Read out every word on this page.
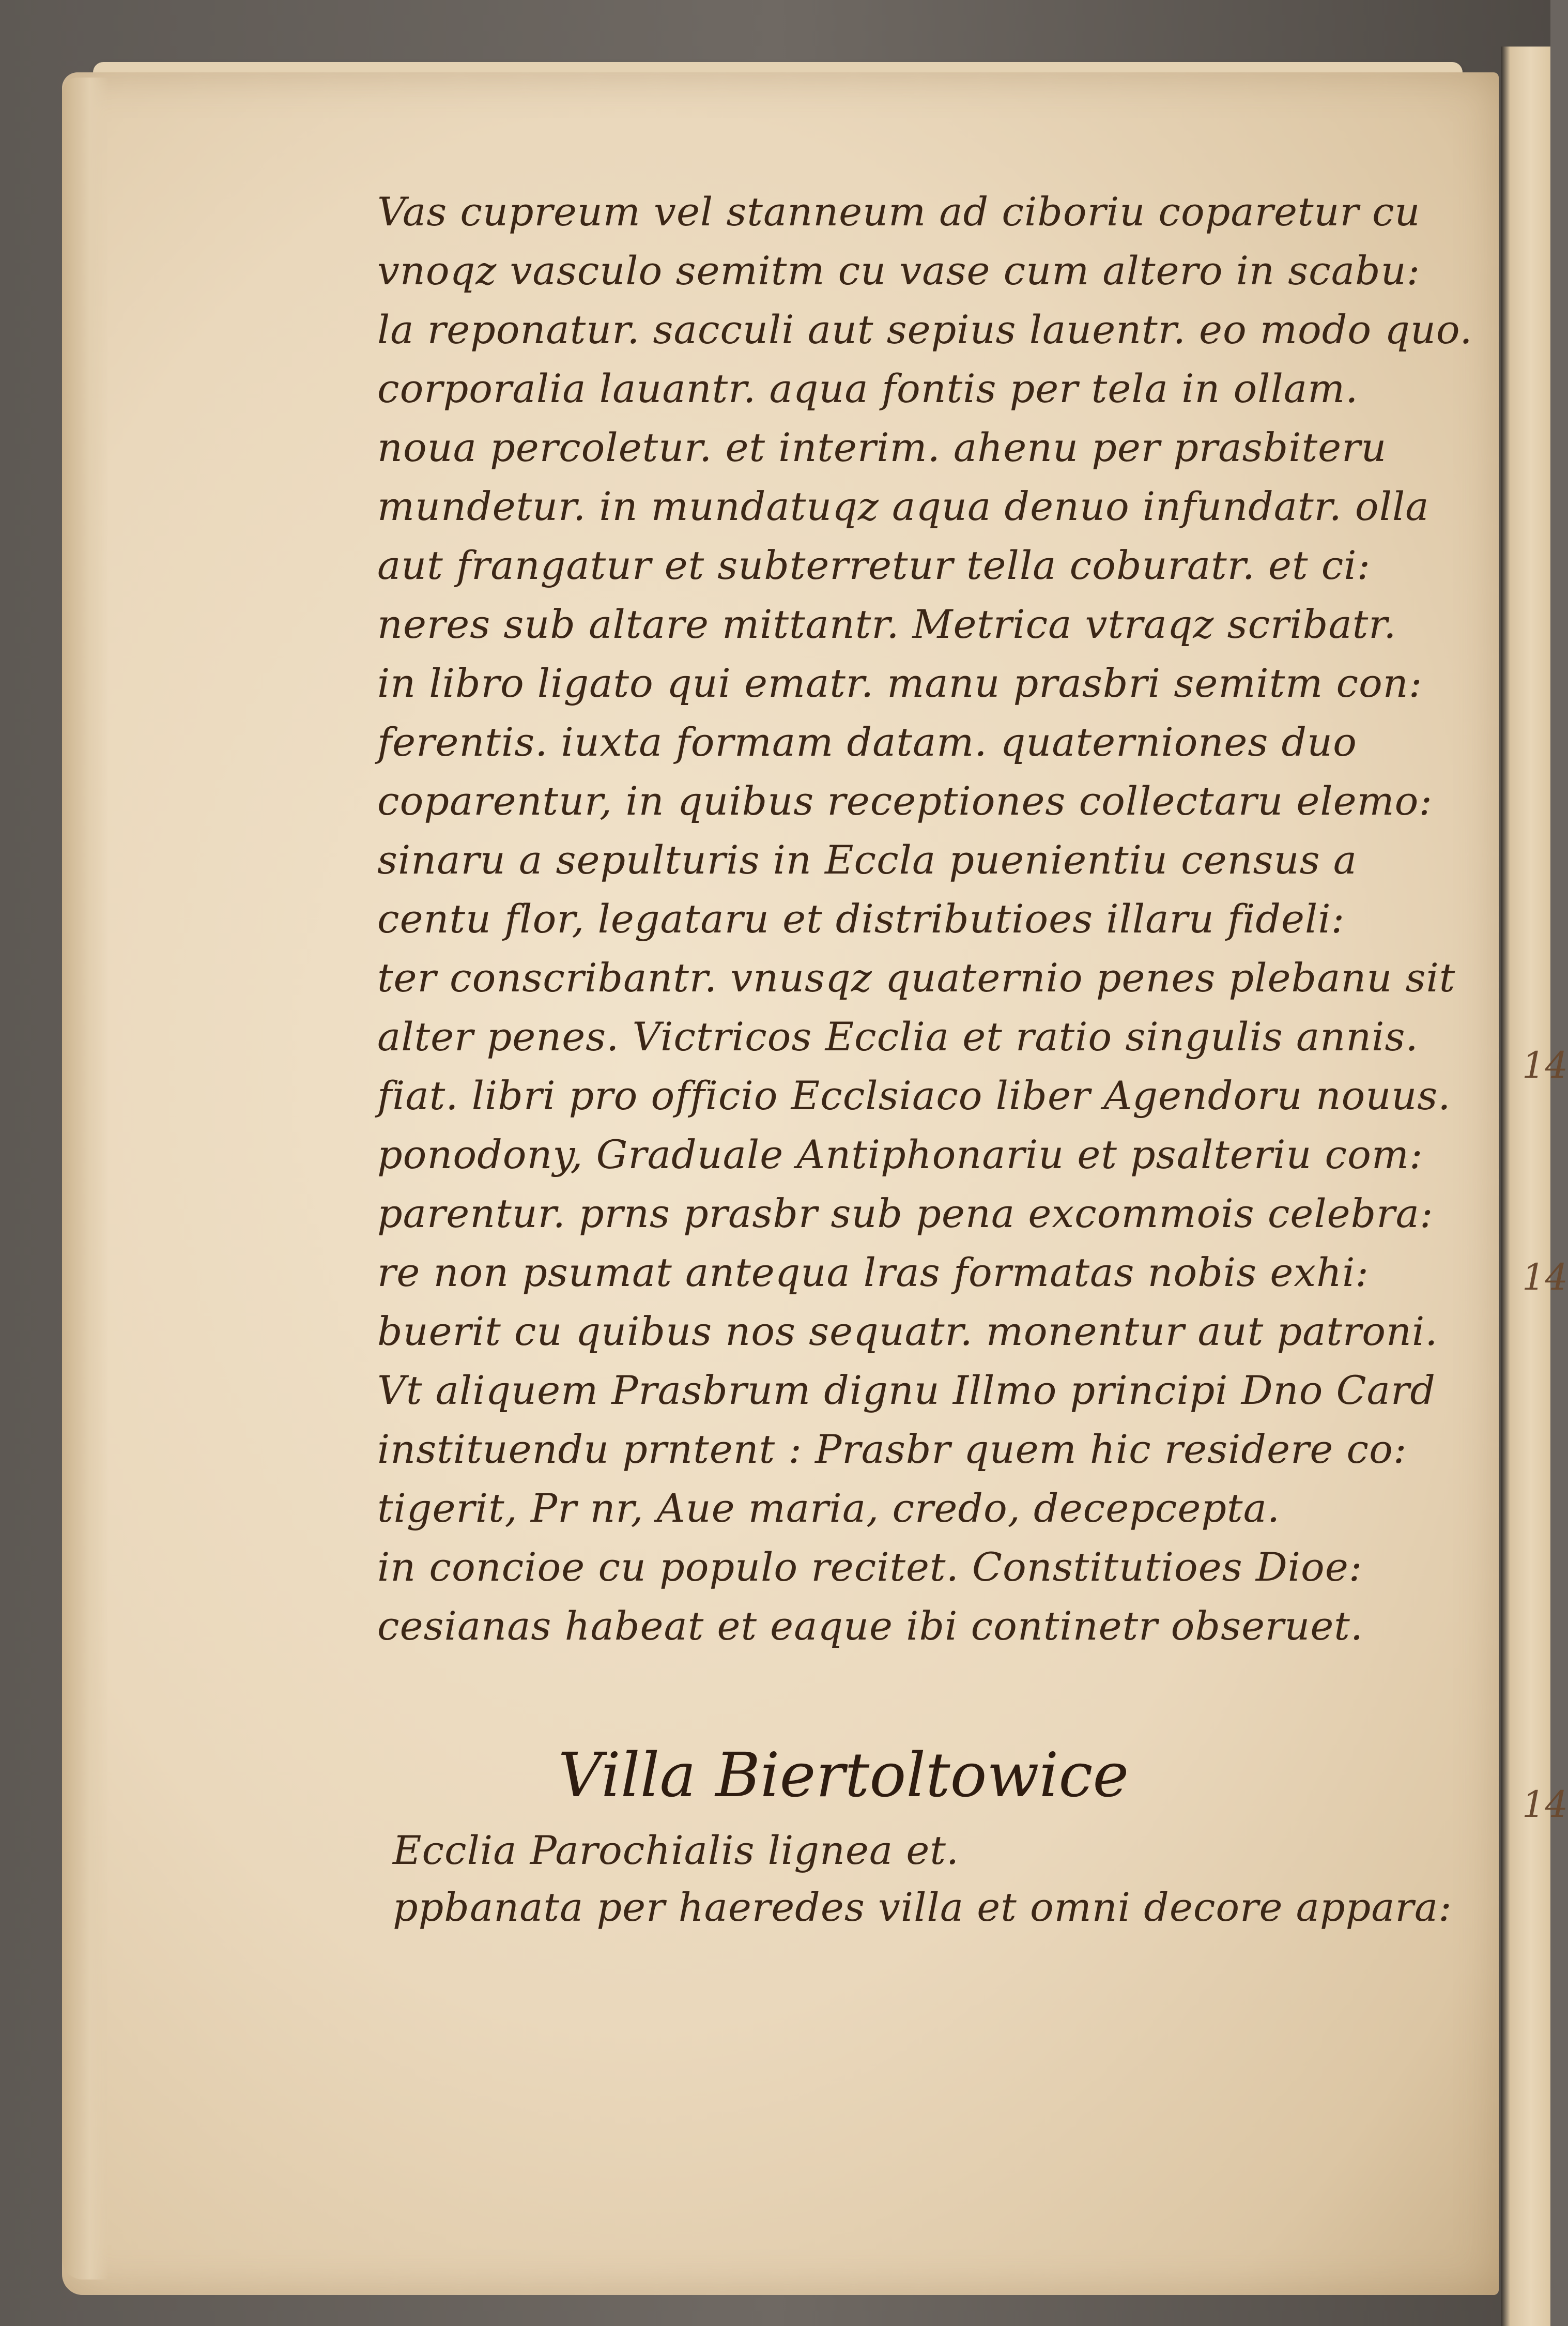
14
14
14
Vas cupreum vel stanneum ad ciboriu coparetur cu
vnoqz vasculo semitm cu vase cum altero in scabu:
la reponatur. sacculi aut sepius lauentr. eo modo quo.
corporalia lauantr. aqua fontis per tela in ollam.
noua percoletur. et interim. ahenu per prasbiteru
mundetur. in mundatuqz aqua denuo infundatr. olla
aut frangatur et subterretur tella coburatr. et ci:
neres sub altare mittantr. Metrica vtraqz scribatr.
in libro ligato qui ematr. manu prasbri semitm con:
ferentis. iuxta formam datam. quaterniones duo
coparentur, in quibus receptiones collectaru elemo:
sinaru a sepulturis in Eccla puenientiu census a
centu flor, legataru et distributioes illaru fideli:
ter conscribantr. vnusqz quaternio penes plebanu sit
alter penes. Victricos Ecclia et ratio singulis annis.
fiat. libri pro officio Ecclsiaco liber Agendoru nouus.
ponodony, Graduale Antiphonariu et psalteriu com:
parentur. prns prasbr sub pena excommois celebra:
re non psumat antequa lras formatas nobis exhi:
buerit cu quibus nos sequatr. monentur aut patroni.
Vt aliquem Prasbrum dignu Illmo principi Dno Card
instituendu prntent : Prasbr quem hic residere co:
tigerit, Pr nr, Aue maria, credo, decepcepta.
in concioe cu populo recitet. Constitutioes Dioe:
cesianas habeat et eaque ibi continetr obseruet.
Villa Biertoltowice
Ecclia Parochialis lignea et.
ppbanata per haeredes villa et omni decore appara:
